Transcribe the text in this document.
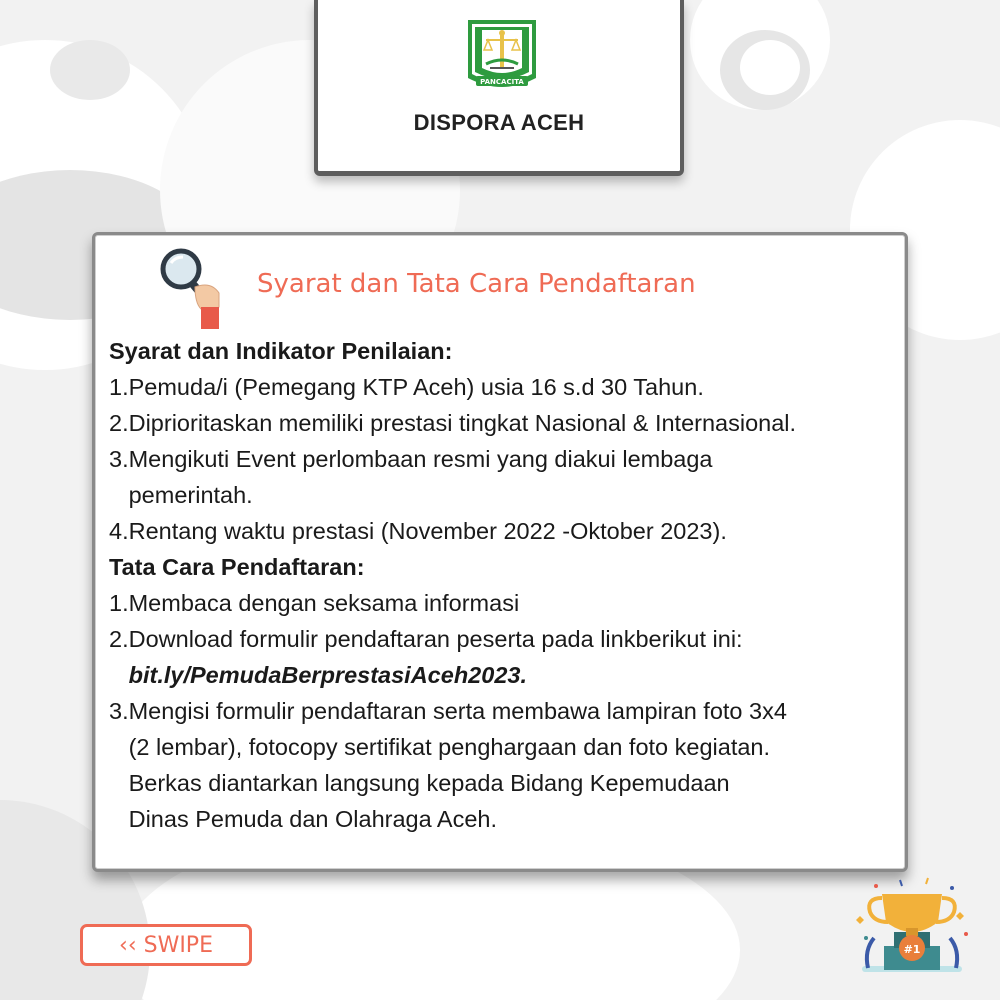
PANCACITA
DISPORA ACEH
Syarat dan Tata Cara Pendaftaran
Syarat dan Indikator Penilaian:
1. Pemuda/i (Pemegang KTP Aceh) usia 16 s.d 30 Tahun.
2. Diprioritaskan memiliki prestasi tingkat Nasional & Internasional.
3. Mengikuti Event perlombaan resmi yang diakui lembaga
pemerintah.
4. Rentang waktu prestasi (November 2022 -Oktober 2023).
Tata Cara Pendaftaran:
1. Membaca dengan seksama informasi
2. Download formulir pendaftaran peserta pada linkberikut ini:
bit.ly/PemudaBerprestasiAceh2023.
3. Mengisi formulir pendaftaran serta membawa lampiran foto 3x4
(2 lembar), fotocopy sertifikat penghargaan dan foto kegiatan.
Berkas diantarkan langsung kepada Bidang Kepemudaan
Dinas Pemuda dan Olahraga Aceh.
‹‹ SWIPE	#1
